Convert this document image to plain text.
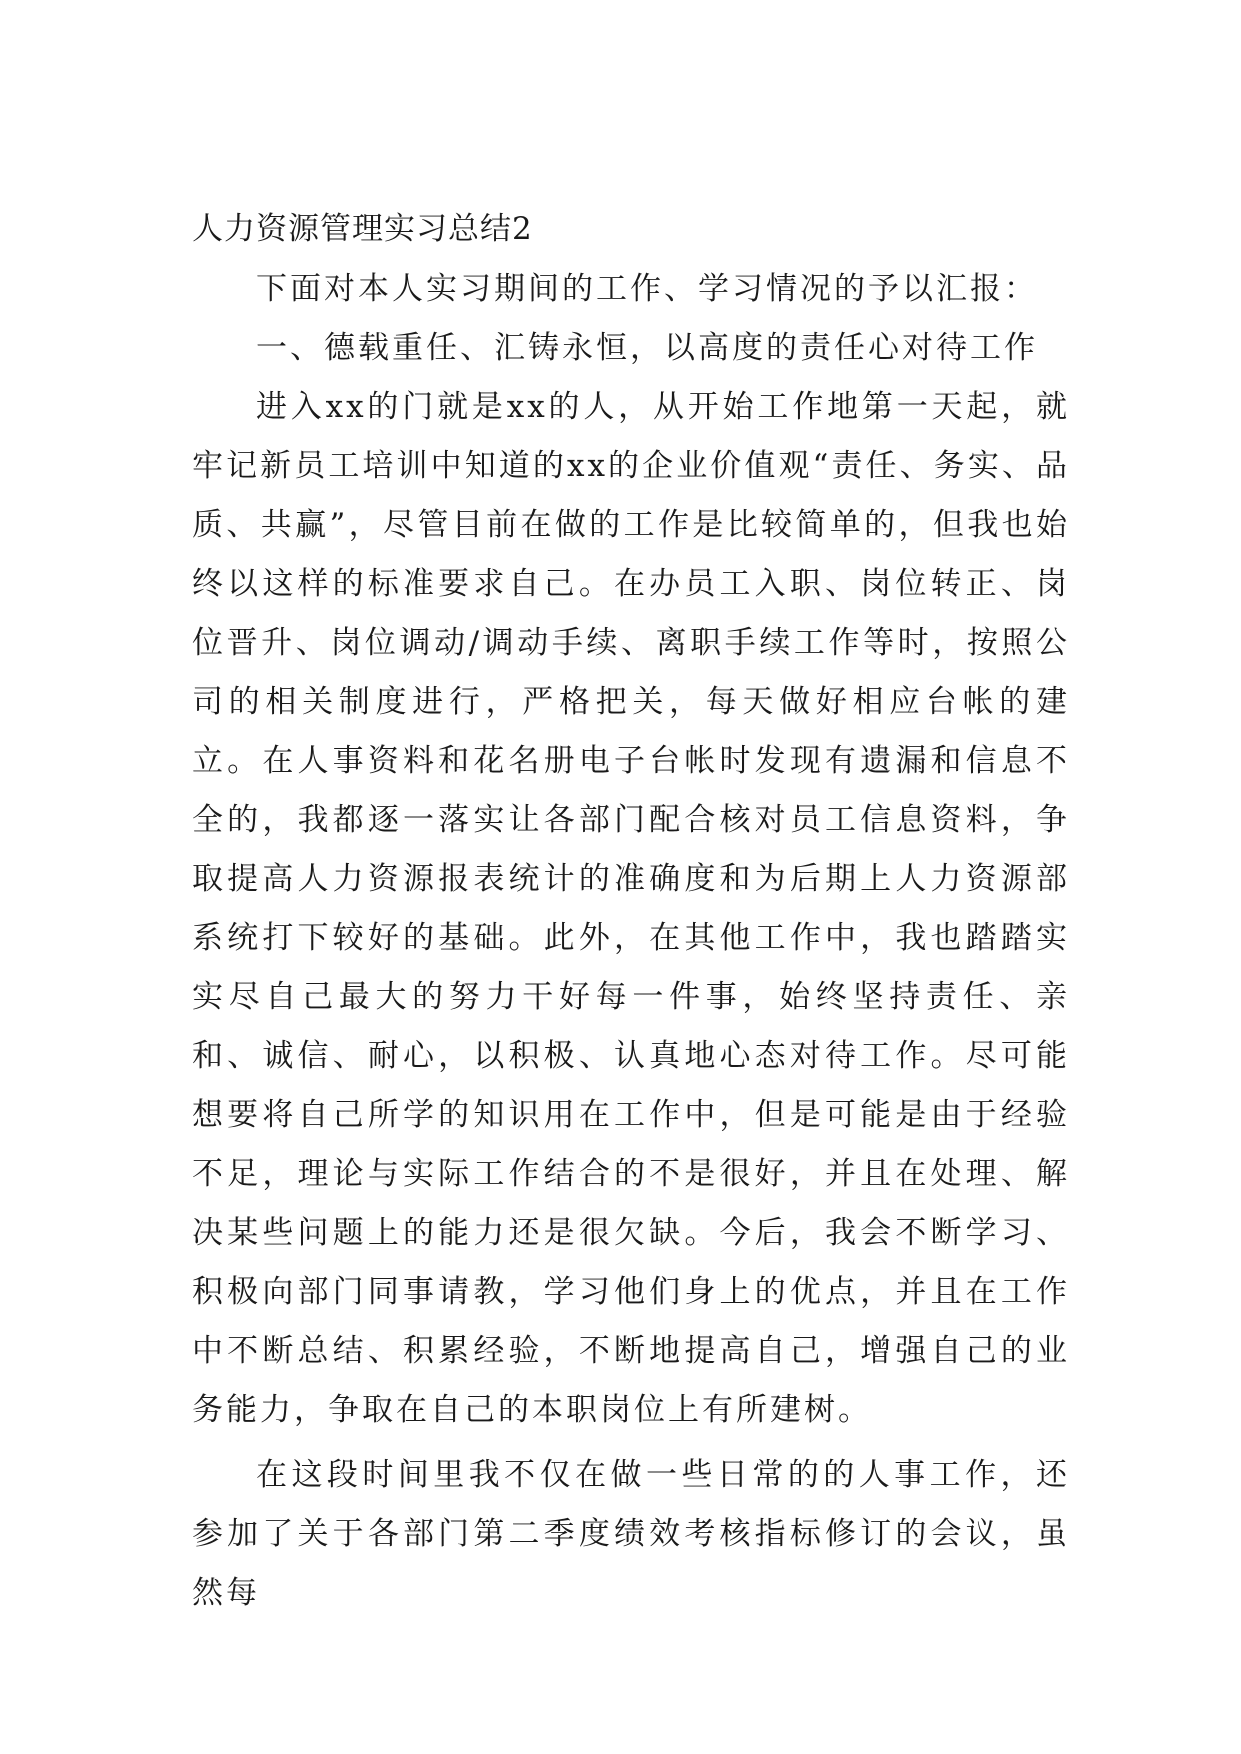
人力资源管理实习总结2

下面对本人实习期间的工作、学习情况的予以汇报：

一、德载重任、汇铸永恒，以高度的责任心对待工作

进入xx的门就是xx的人，从开始工作地第一天起，就牢记新员工培训中知道的xx的企业价值观“责任、务实、品质、共赢”，尽管目前在做的工作是比较简单的，但我也始终以这样的标准要求自己。在办员工入职、岗位转正、岗位晋升、岗位调动/调动手续、离职手续工作等时，按照公司的相关制度进行，严格把关，每天做好相应台帐的建立。在人事资料和花名册电子台帐时发现有遗漏和信息不全的，我都逐一落实让各部门配合核对员工信息资料，争取提高人力资源报表统计的准确度和为后期上人力资源部系统打下较好的基础。此外，在其他工作中，我也踏踏实实尽自己最大的努力干好每一件事，始终坚持责任、亲和、诚信、耐心，以积极、认真地心态对待工作。尽可能想要将自己所学的知识用在工作中，但是可能是由于经验不足，理论与实际工作结合的不是很好，并且在处理、解决某些问题上的能力还是很欠缺。今后，我会不断学习、积极向部门同事请教，学习他们身上的优点，并且在工作中不断总结、积累经验，不断地提高自己，增强自己的业务能力，争取在自己的本职岗位上有所建树。

在这段时间里我不仅在做一些日常的的人事工作，还参加了关于各部门第二季度绩效考核指标修订的会议，虽然每
